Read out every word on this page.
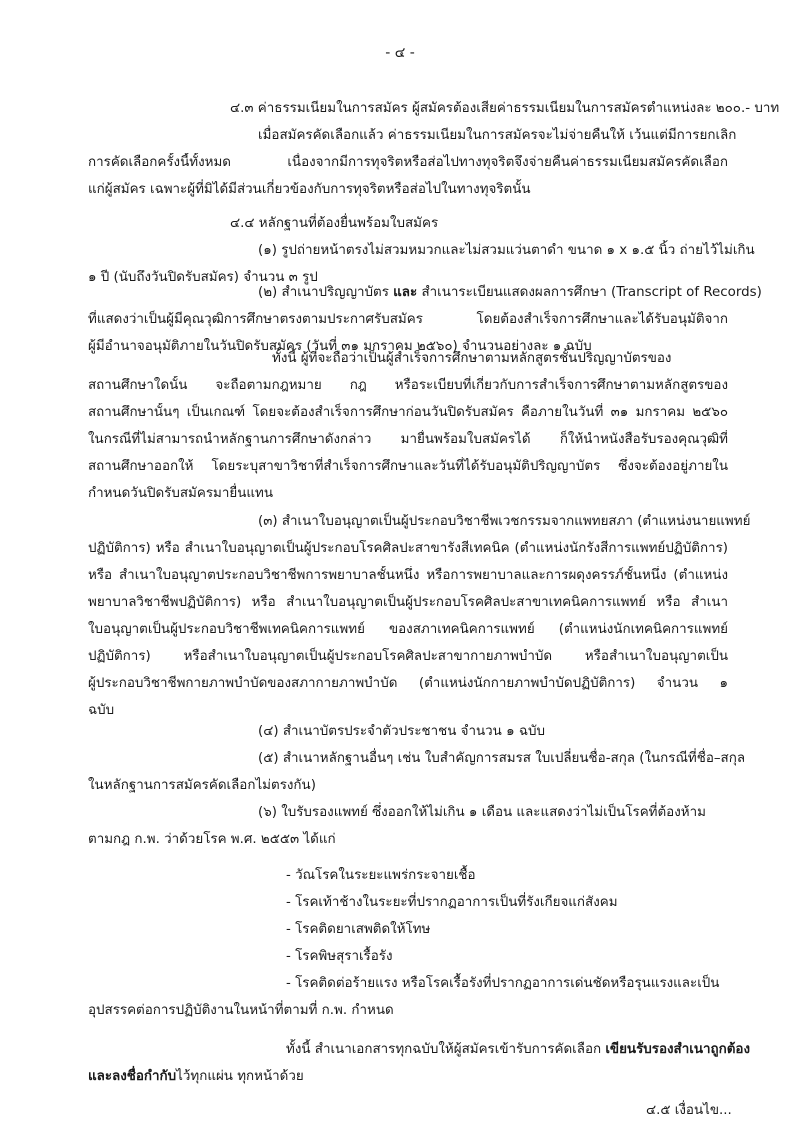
- ๔ -
๔.๓ ค่าธรรมเนียมในการสมัคร ผู้สมัครต้องเสียค่าธรรมเนียมในการสมัครตำแหน่งละ ๒๐๐.- บาท
เมื่อสมัครคัดเลือกแล้ว ค่าธรรมเนียมในการสมัครจะไม่จ่ายคืนให้ เว้นแต่มีการยกเลิก
การคัดเลือกครั้งนี้ทั้งหมด เนื่องจากมีการทุจริตหรือส่อไปทางทุจริตจึงจ่ายคืนค่าธรรมเนียมสมัครคัดเลือก
แก่ผู้สมัคร เฉพาะผู้ที่มิได้มีส่วนเกี่ยวข้องกับการทุจริตหรือส่อไปในทางทุจริตนั้น
๔.๔ หลักฐานที่ต้องยื่นพร้อมใบสมัคร
(๑) รูปถ่ายหน้าตรงไม่สวมหมวกและไม่สวมแว่นตาดำ ขนาด ๑ x ๑.๕ นิ้ว ถ่ายไว้ไม่เกิน
๑ ปี (นับถึงวันปิดรับสมัคร) จำนวน ๓ รูป
(๒) สำเนาปริญญาบัตร และ สำเนาระเบียนแสดงผลการศึกษา (Transcript of Records)
ที่แสดงว่าเป็นผู้มีคุณวุฒิการศึกษาตรงตามประกาศรับสมัคร โดยต้องสำเร็จการศึกษาและได้รับอนุมัติจาก
ผู้มีอำนาจอนุมัติภายในวันปิดรับสมัคร (วันที่ ๓๑ มกราคม ๒๕๖๐) จำนวนอย่างละ ๑ ฉบับ
ทั้งนี้ ผู้ที่จะถือว่าเป็นผู้สำเร็จการศึกษาตามหลักสูตรชั้นปริญญาบัตรของ
สถานศึกษาใดนั้น จะถือตามกฎหมาย กฎ หรือระเบียบที่เกี่ยวกับการสำเร็จการศึกษาตามหลักสูตรของ
สถานศึกษานั้นๆ เป็นเกณฑ์ โดยจะต้องสำเร็จการศึกษาก่อนวันปิดรับสมัคร คือภายในวันที่ ๓๑ มกราคม ๒๕๖๐
ในกรณีที่ไม่สามารถนำหลักฐานการศึกษาดังกล่าว มายื่นพร้อมใบสมัครได้ ก็ให้นำหนังสือรับรองคุณวุฒิที่
สถานศึกษาออกให้ โดยระบุสาขาวิชาที่สำเร็จการศึกษาและวันที่ได้รับอนุมัติปริญญาบัตร ซึ่งจะต้องอยู่ภายใน
กำหนดวันปิดรับสมัครมายื่นแทน
(๓) สำเนาใบอนุญาตเป็นผู้ประกอบวิชาชีพเวชกรรมจากแพทยสภา (ตำแหน่งนายแพทย์
ปฏิบัติการ) หรือ สำเนาใบอนุญาตเป็นผู้ประกอบโรคศิลปะสาขารังสีเทคนิค (ตำแหน่งนักรังสีการแพทย์ปฏิบัติการ)
หรือ สำเนาใบอนุญาตประกอบวิชาชีพการพยาบาลชั้นหนึ่ง หรือการพยาบาลและการผดุงครรภ์ชั้นหนึ่ง (ตำแหน่ง
พยาบาลวิชาชีพปฏิบัติการ) หรือ สำเนาใบอนุญาตเป็นผู้ประกอบโรคศิลปะสาขาเทคนิคการแพทย์ หรือ สำเนา
ใบอนุญาตเป็นผู้ประกอบวิชาชีพเทคนิคการแพทย์ ของสภาเทคนิคการแพทย์ (ตำแหน่งนักเทคนิคการแพทย์
ปฏิบัติการ) หรือสำเนาใบอนุญาตเป็นผู้ประกอบโรคศิลปะสาขากายภาพบำบัด หรือสำเนาใบอนุญาตเป็น
ผู้ประกอบวิชาชีพกายภาพบำบัดของสภากายภาพบำบัด (ตำแหน่งนักกายภาพบำบัดปฏิบัติการ) จำนวน ๑
ฉบับ
(๔) สำเนาบัตรประจำตัวประชาชน จำนวน ๑ ฉบับ
(๕) สำเนาหลักฐานอื่นๆ เช่น ใบสำคัญการสมรส ใบเปลี่ยนชื่อ-สกุล (ในกรณีที่ชื่อ–สกุล
ในหลักฐานการสมัครคัดเลือกไม่ตรงกัน)
(๖) ใบรับรองแพทย์ ซึ่งออกให้ไม่เกิน ๑ เดือน และแสดงว่าไม่เป็นโรคที่ต้องห้าม
ตามกฎ ก.พ. ว่าด้วยโรค พ.ศ. ๒๕๕๓ ได้แก่
- วัณโรคในระยะแพร่กระจายเชื้อ
- โรคเท้าช้างในระยะที่ปรากฏอาการเป็นที่รังเกียจแก่สังคม
- โรคติดยาเสพติดให้โทษ
- โรคพิษสุราเรื้อรัง
- โรคติดต่อร้ายแรง หรือโรคเรื้อรังที่ปรากฏอาการเด่นชัดหรือรุนแรงและเป็น
อุปสรรคต่อการปฏิบัติงานในหน้าที่ตามที่ ก.พ. กำหนด
ทั้งนี้ สำเนาเอกสารทุกฉบับให้ผู้สมัครเข้ารับการคัดเลือก เขียนรับรองสำเนาถูกต้อง
และลงชื่อกำกับไว้ทุกแผ่น ทุกหน้าด้วย
๔.๕ เงื่อนไข...
